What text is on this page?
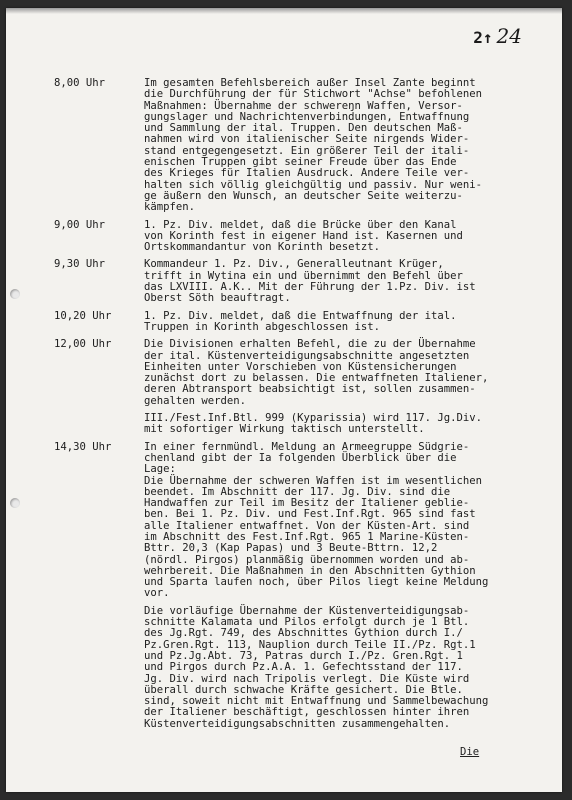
2↑ 24
8,00 Uhr	Im gesamten Befehlsbereich außer Insel Zante beginnt
die Durchführung der für Stichwort "Achse" befohlenen
Maßnahmen: Übernahme der schwereŋn Waffen, Versor-
gungslager und Nachrichtenverbindungen, Entwaffnung
und Sammlung der ital. Truppen. Den deutschen Maß-
nahmen wird von italienischer Seite nirgends Wider-
stand entgegengesetzt. Ein größerer Teil der itali-
enischen Truppen gibt seiner Freude über das Ende
des Krieges für Italien Ausdruck. Andere Teile ver-
halten sich völlig gleichgültig und passiv. Nur weni-
ge äußern den Wunsch, an deutscher Seite weiterzu-
kämpfen.
9,00 Uhr	1. Pz. Div. meldet, daß die Brücke über den Kanal
von Korinth fest in eigener Hand ist. Kasernen und
Ortskommandantur von Korinth besetzt.
9,30 Uhr	Kommandeur 1. Pz. Div., Generalleutnant Krüger,
trifft in Wytina ein und übernimmt den Befehl über
das LXVIII. A.K.. Mit der Führung der 1.Pz. Div. ist
Oberst Söth beauftragt.
10,20 Uhr	1. Pz. Div. meldet, daß die Entwaffnung der ital.
Truppen in Korinth abgeschlossen ist.
12,00 Uhr	Die Divisionen erhalten Befehl, die zu der Übernahme
der ital. Küstenverteidigungsabschnitte angesetzten
Einheiten unter Vorschieben von Küstensicherungen
zunächst dort zu belassen. Die entwaffneten Italiener,
deren Abtransport beabsichtigt ist, sollen zusammen-
gehalten werden.
III./Fest.Inf.Btl. 999 (Kyparissia) wird 117. Jg.Div.
mit sofortiger Wirkung taktisch unterstellt.
14,30 Uhr	In einer fernmündl. Meldung an Armeegruppe Südgrie-
chenland gibt der Ia folgenden Überblick über die
Lage:
Die Übernahme der schweren Waffen ist im wesentlichen
beendet. Im Abschnitt der 117. Jg. Div. sind die
Handwaffen zur Teil im Besitz der Italiener geblie-
ben. Bei 1. Pz. Div. und Fest.Inf.Rgt. 965 sind fast
alle Italiener entwaffnet. Von der Küsten-Art. sind
im Abschnitt des Fest.Inf.Rgt. 965 1 Marine-Küsten-
Bttr. 20,3 (Kap Papas) und 3 Beute-Bttrn. 12,2
(nördl. Pirgos) planmäßig übernommen worden und ab-
wehrbereit. Die Maßnahmen in den Abschnitten Gythion
und Sparta laufen noch, über Pilos liegt keine Meldung
vor.
Die vorläufige Übernahme der Küstenverteidigungsab-
schnitte Kalamata und Pilos erfolgt durch je 1 Btl.
des Jg.Rgt. 749, des Abschnittes Gythion durch I./
Pz.Gren.Rgt. 113, Nauplion durch Teile II./Pz. Rgt.1
und Pz.Jg.Abt. 73, Patras durch I./Pz. Gren.Rgt. 1
und Pirgos durch Pz.A.A. 1. Gefechtsstand der 117.
Jg. Div. wird nach Tripolis verlegt. Die Küste wird
überall durch schwache Kräfte gesichert. Die Btle.
sind, soweit nicht mit Entwaffnung und Sammelbewachung
der Italiener beschäftigt, geschlossen hinter ihren
Küstenverteidigungsabschnitten zusammengehalten.
Die
